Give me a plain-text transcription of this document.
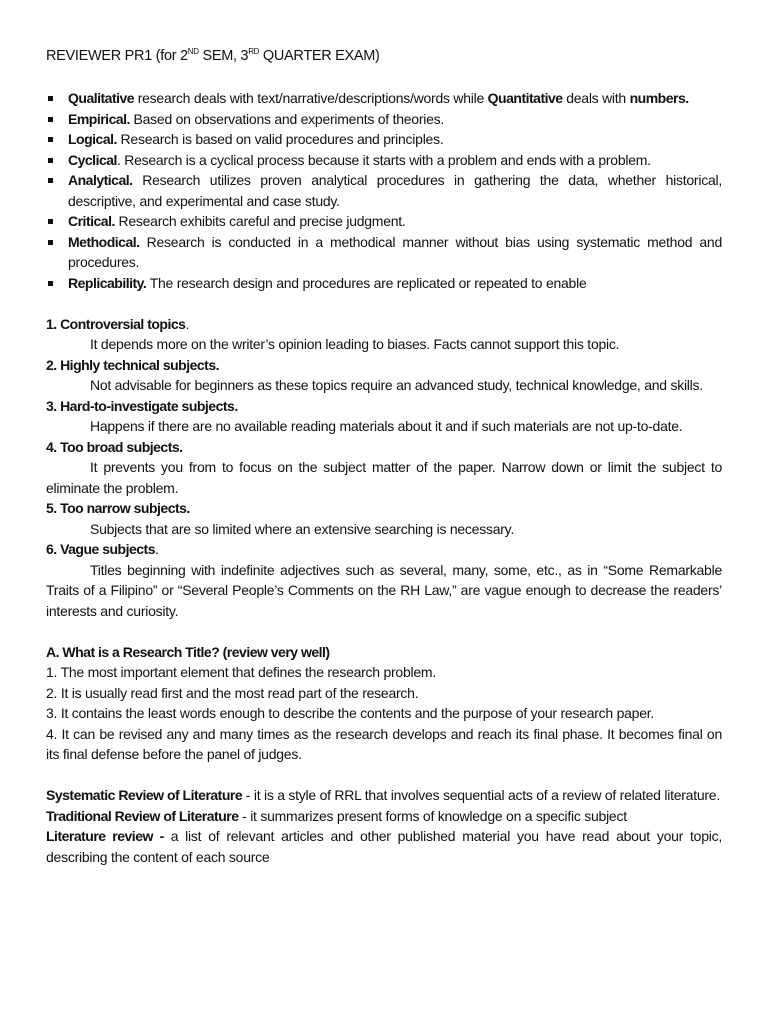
REVIEWER PR1 (for 2ND SEM, 3RD QUARTER EXAM)
Qualitative research deals with text/narrative/descriptions/words while Quantitative deals with numbers.
Empirical. Based on observations and experiments of theories.
Logical. Research is based on valid procedures and principles.
Cyclical. Research is a cyclical process because it starts with a problem and ends with a problem.
Analytical. Research utilizes proven analytical procedures in gathering the data, whether historical, descriptive, and experimental and case study.
Critical. Research exhibits careful and precise judgment.
Methodical. Research is conducted in a methodical manner without bias using systematic method and procedures.
Replicability. The research design and procedures are replicated or repeated to enable
1. Controversial topics.
It depends more on the writer’s opinion leading to biases. Facts cannot support this topic.
2. Highly technical subjects.
Not advisable for beginners as these topics require an advanced study, technical knowledge, and skills.
3. Hard-to-investigate subjects.
Happens if there are no available reading materials about it and if such materials are not up-to-date.
4. Too broad subjects.
It prevents you from to focus on the subject matter of the paper. Narrow down or limit the subject to eliminate the problem.
5. Too narrow subjects.
Subjects that are so limited where an extensive searching is necessary.
6. Vague subjects.
Titles beginning with indefinite adjectives such as several, many, some, etc., as in “Some Remarkable Traits of a Filipino” or “Several People’s Comments on the RH Law,” are vague enough to decrease the readers’ interests and curiosity.
A. What is a Research Title? (review very well)
1. The most important element that defines the research problem.
2. It is usually read first and the most read part of the research.
3. It contains the least words enough to describe the contents and the purpose of your research paper.
4. It can be revised any and many times as the research develops and reach its final phase. It becomes final on its final defense before the panel of judges.
Systematic Review of Literature - it is a style of RRL that involves sequential acts of a review of related literature.
Traditional Review of Literature - it summarizes present forms of knowledge on a specific subject
Literature review - a list of relevant articles and other published material you have read about your topic, describing the content of each source
